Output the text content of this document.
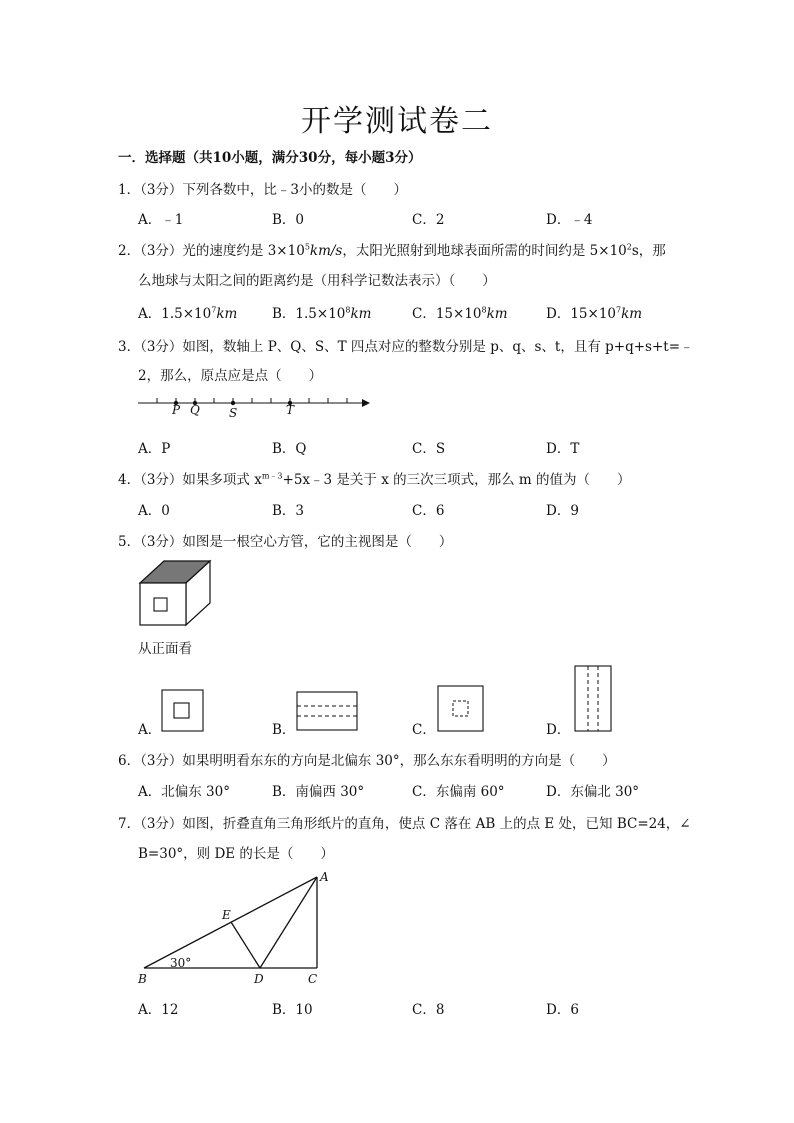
开学测试卷二
一．选择题（共10小题，满分30分，每小题3分）
1．（3分）下列各数中，比﹣3小的数是（　　）
A．﹣1	B．0	C．2	D．﹣4
2．（3分）光的速度约是 $3\times 10^5km/s$，太阳光照射到地球表面所需的时间约是 $5\times 10^2s$，那
么地球与太阳之间的距离约是（用科学记数法表示）（　　）
A．$1.5\times 10^7km$	B．$1.5\times 10^8km$	C．$15\times 10^8km$	D．$15\times 10^7km$
3．（3分）如图，数轴上 P、Q、S、T 四点对应的整数分别是 p、q、s、t，且有 p+q+s+t=﹣
2，那么，原点应是点（　　）
P Q S	T
A．P	B．Q	C．S	D．T
4．（3分）如果多项式 $x^{m﹣3}+5x﹣3$ 是关于 x 的三次三项式，那么 m 的值为（　　）
A．0	B．3	C．6	D．9
5．（3分）如图是一根空心方管，它的主视图是（　　）
从正面看
A．	B．	C．	D．
6．（3分）如果明明看东东的方向是北偏东 30°，那么东东看明明的方向是（　　）
A．北偏东 30°	B．南偏西 30°	C．东偏南 60°	D．东偏北 30°
7．（3分）如图，折叠直角三角形纸片的直角，使点 C 落在 AB 上的点 E 处，已知 BC=24，∠
B=30°，则 DE 的长是（　　）
A
E
B	D	C
30°
A．12	B．10	C．8	D．6
